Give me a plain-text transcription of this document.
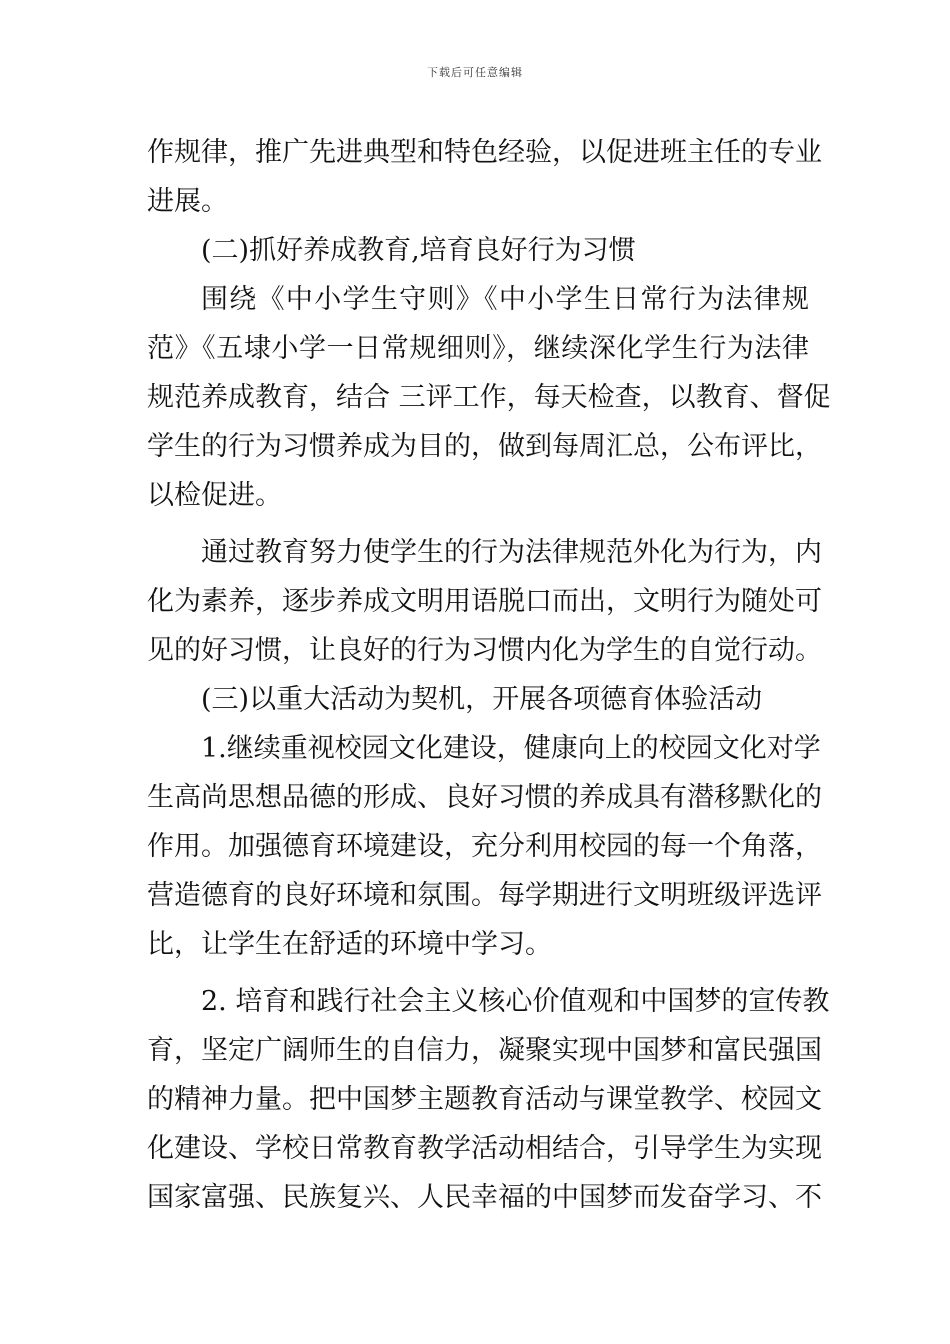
下载后可任意编辑
作规律，推广先进典型和特色经验，以促进班主任的专业
进展。
(二)抓好养成教育,培育良好行为习惯
围绕《中小学生守则》《中小学生日常行为法律规
范》《五埭小学一日常规细则》，继续深化学生行为法律
规范养成教育，结合 三评工作，每天检查，以教育、督促
学生的行为习惯养成为目的，做到每周汇总，公布评比，
以检促进。
通过教育努力使学生的行为法律规范外化为行为，内
化为素养，逐步养成文明用语脱口而出，文明行为随处可
见的好习惯，让良好的行为习惯内化为学生的自觉行动。
(三)以重大活动为契机，开展各项德育体验活动
1.继续重视校园文化建设，健康向上的校园文化对学
生高尚思想品德的形成、良好习惯的养成具有潜移默化的
作用。加强德育环境建设，充分利用校园的每一个角落，
营造德育的良好环境和氛围。每学期进行文明班级评选评
比，让学生在舒适的环境中学习。
2. 培育和践行社会主义核心价值观和中国梦的宣传教
育，坚定广阔师生的自信力，凝聚实现中国梦和富民强国
的精神力量。把中国梦主题教育活动与课堂教学、校园文
化建设、学校日常教育教学活动相结合，引导学生为实现
国家富强、民族复兴、人民幸福的中国梦而发奋学习、不
